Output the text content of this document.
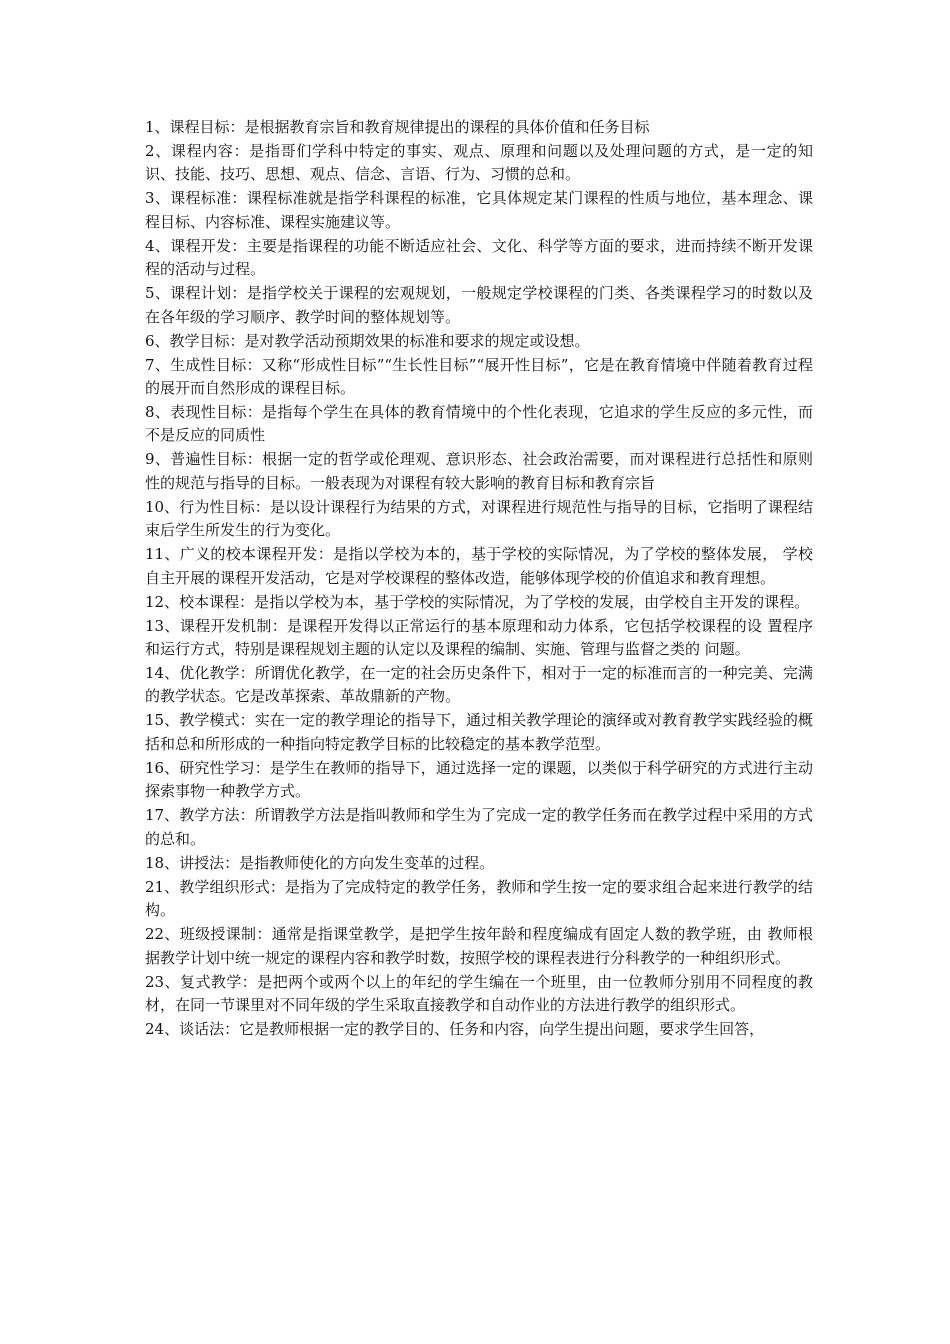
1、课程目标：是根据教育宗旨和教育规律提出的课程的具体价值和任务目标

2、课程内容：是指哥们学科中特定的事实、观点、原理和问题以及处理问题的方式，是一定的知识、技能、技巧、思想、观点、信念、言语、行为、习惯的总和。

3、课程标准：课程标准就是指学科课程的标准，它具体规定某门课程的性质与地位，基本理念、课程目标、内容标准、课程实施建议等。

4、课程开发：主要是指课程的功能不断适应社会、文化、科学等方面的要求，进而持续不断开发课程的活动与过程。

5、课程计划：是指学校关于课程的宏观规划，一般规定学校课程的门类、各类课程学习的时数以及在各年级的学习顺序、教学时间的整体规划等。

6、教学目标：是对教学活动预期效果的标准和要求的规定或设想。

7、生成性目标：又称“形成性目标”“生长性目标”“展开性目标”，它是在教育情境中伴随着教育过程的展开而自然形成的课程目标。

8、表现性目标：是指每个学生在具体的教育情境中的个性化表现，它追求的学生反应的多元性，而不是反应的同质性

9、普遍性目标：根据一定的哲学或伦理观、意识形态、社会政治需要，而对课程进行总括性和原则性的规范与指导的目标。一般表现为对课程有较大影响的教育目标和教育宗旨

10、行为性目标：是以设计课程行为结果的方式，对课程进行规范性与指导的目标，它指明了课程结束后学生所发生的行为变化。

11、广义的校本课程开发：是指以学校为本的，基于学校的实际情况，为了学校的整体发展， 学校自主开展的课程开发活动，它是对学校课程的整体改造，能够体现学校的价值追求和教育理想。

12、校本课程：是指以学校为本，基于学校的实际情况，为了学校的发展，由学校自主开发的课程。

13、课程开发机制：是课程开发得以正常运行的基本原理和动力体系，它包括学校课程的设 置程序和运行方式，特别是课程规划主题的认定以及课程的编制、实施、管理与监督之类的 问题。

14、优化教学：所谓优化教学，在一定的社会历史条件下，相对于一定的标准而言的一种完美、完满的教学状态。它是改革探索、革故鼎新的产物。

15、教学模式：实在一定的教学理论的指导下，通过相关教学理论的演绎或对教育教学实践经验的概括和总和所形成的一种指向特定教学目标的比较稳定的基本教学范型。

16、研究性学习：是学生在教师的指导下，通过选择一定的课题，以类似于科学研究的方式进行主动探索事物一种教学方式。

17、教学方法：所谓教学方法是指叫教师和学生为了完成一定的教学任务而在教学过程中采用的方式的总和。

18、讲授法：是指教师使化的方向发生变革的过程。

21、教学组织形式：是指为了完成特定的教学任务，教师和学生按一定的要求组合起来进行教学的结构。

22、班级授课制：通常是指课堂教学，是把学生按年龄和程度编成有固定人数的教学班，由 教师根据教学计划中统一规定的课程内容和教学时数，按照学校的课程表进行分科教学的一种组织形式。

23、复式教学：是把两个或两个以上的年纪的学生编在一个班里，由一位教师分别用不同程度的教材，在同一节课里对不同年级的学生采取直接教学和自动作业的方法进行教学的组织形式。

24、谈话法：它是教师根据一定的教学目的、任务和内容，向学生提出问题，要求学生回答，
